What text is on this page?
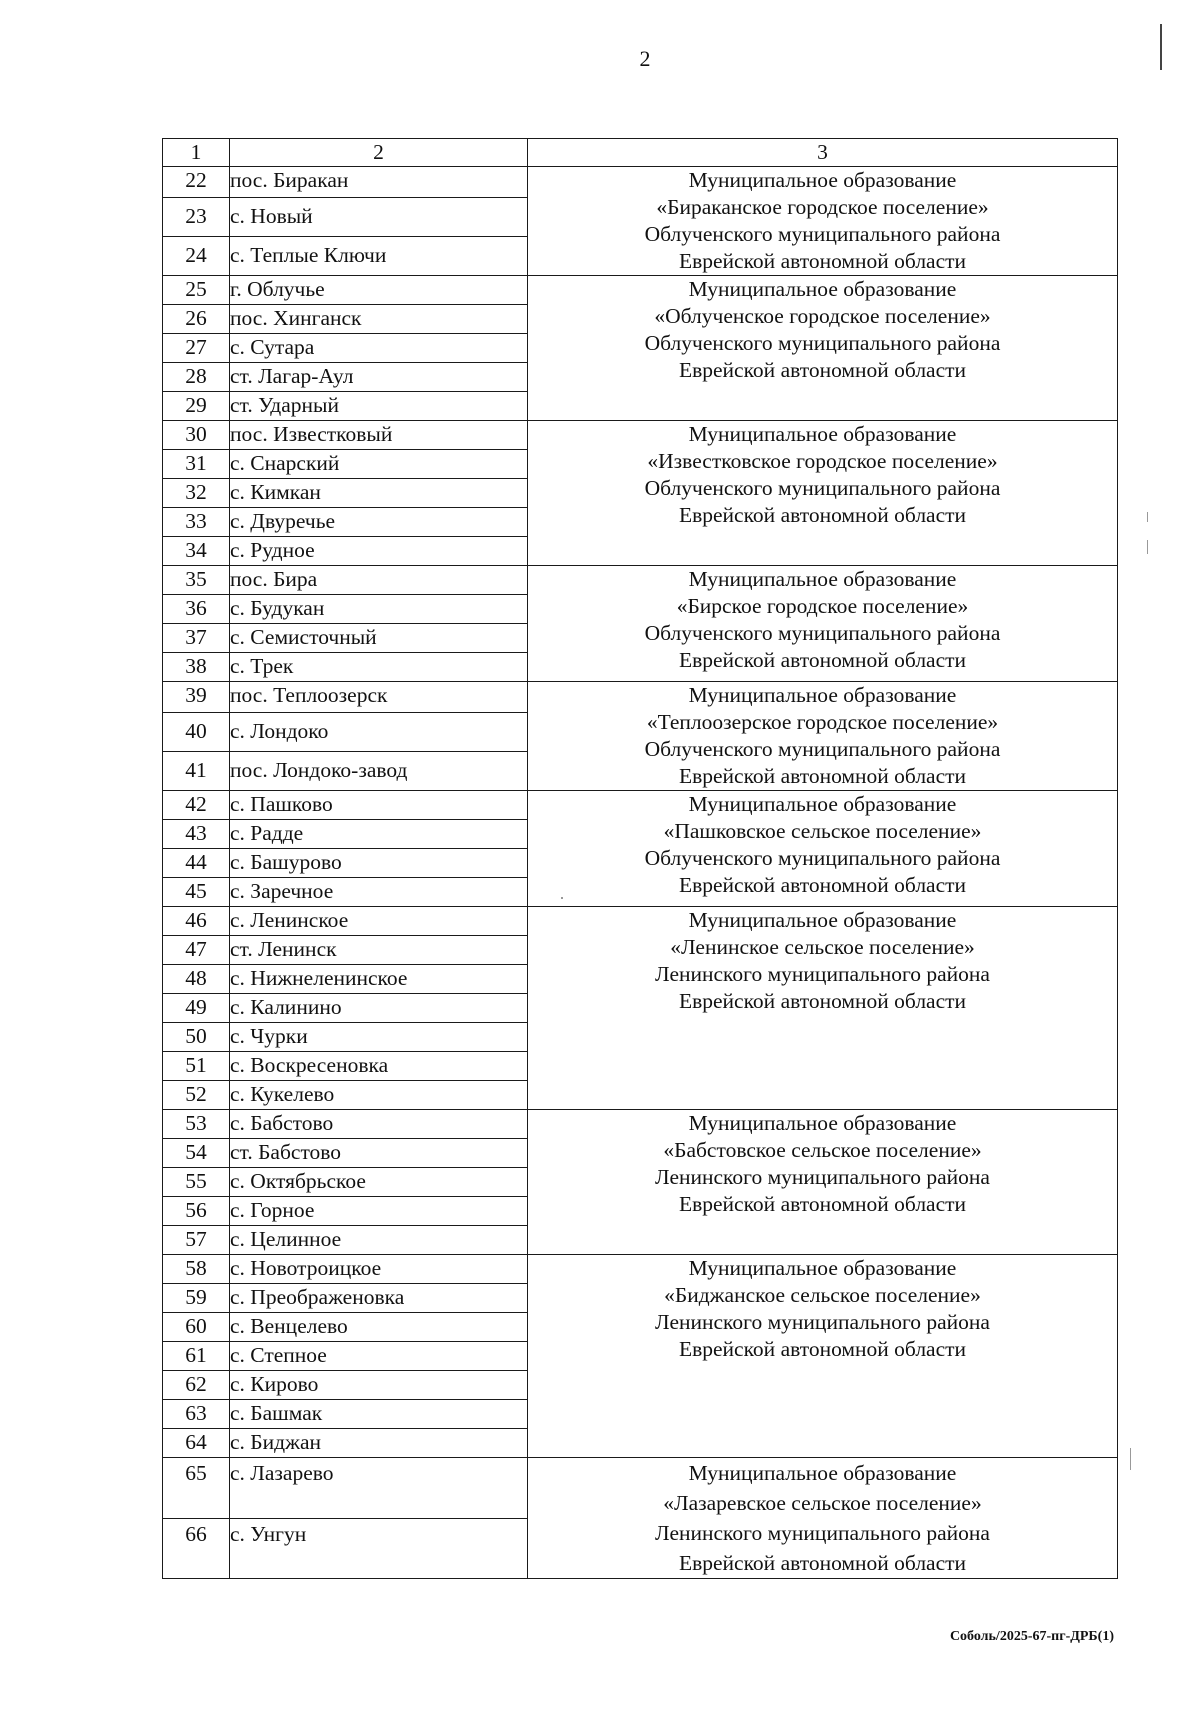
2
1	2	3
22	пос. Биракан	Муниципальное образование
«Бираканское городское поселение»
Облученского муниципального района
Еврейской автономной области

23	с. Новый	
24	с. Теплые Ключи	
25	г. Облучье	Муниципальное образование
«Облученское городское поселение»
Облученского муниципального района
Еврейской автономной области

26	пос. Хинганск	
27	с. Сутара	
28	ст. Лагар-Аул	
29	ст. Ударный	
30	пос. Известковый	Муниципальное образование
«Известковское городское поселение»
Облученского муниципального района
Еврейской автономной области

31	с. Снарский	
32	с. Кимкан	
33	с. Двуречье	
34	с. Рудное	
35	пос. Бира	Муниципальное образование
«Бирское городское поселение»
Облученского муниципального района
Еврейской автономной области

36	с. Будукан	
37	с. Семисточный	
38	с. Трек	
39	пос. Теплоозерск	Муниципальное образование
«Теплоозерское городское поселение»
Облученского муниципального района
Еврейской автономной области

40	с. Лондоко	
41	пос. Лондоко-завод	
42	с. Пашково	Муниципальное образование
«Пашковское сельское поселение»
Облученского муниципального района
Еврейской автономной области

43	с. Радде	
44	с. Башурово	
45	с. Заречное	
46	с. Ленинское	Муниципальное образование
«Ленинское сельское поселение»
Ленинского муниципального района
Еврейской автономной области

47	ст. Ленинск	
48	с. Нижнеленинское	
49	с. Калинино	
50	с. Чурки	
51	с. Воскресеновка	
52	с. Кукелево	
53	с. Бабстово	Муниципальное образование
«Бабстовское сельское поселение»
Ленинского муниципального района
Еврейской автономной области

54	ст. Бабстово	
55	с. Октябрьское	
56	с. Горное	
57	с. Целинное	
58	с. Новотроицкое	Муниципальное образование
«Биджанское сельское поселение»
Ленинского муниципального района
Еврейской автономной области

59	с. Преображеновка	
60	с. Венцелево	
61	с. Степное	
62	с. Кирово	
63	с. Башмак	
64	с. Биджан	
65	с. Лазарево	Муниципальное образование
«Лазаревское сельское поселение»
Ленинского муниципального района
Еврейской автономной области

66	с. Унгун	
Соболь/2025-67-пг-ДРБ(1)
